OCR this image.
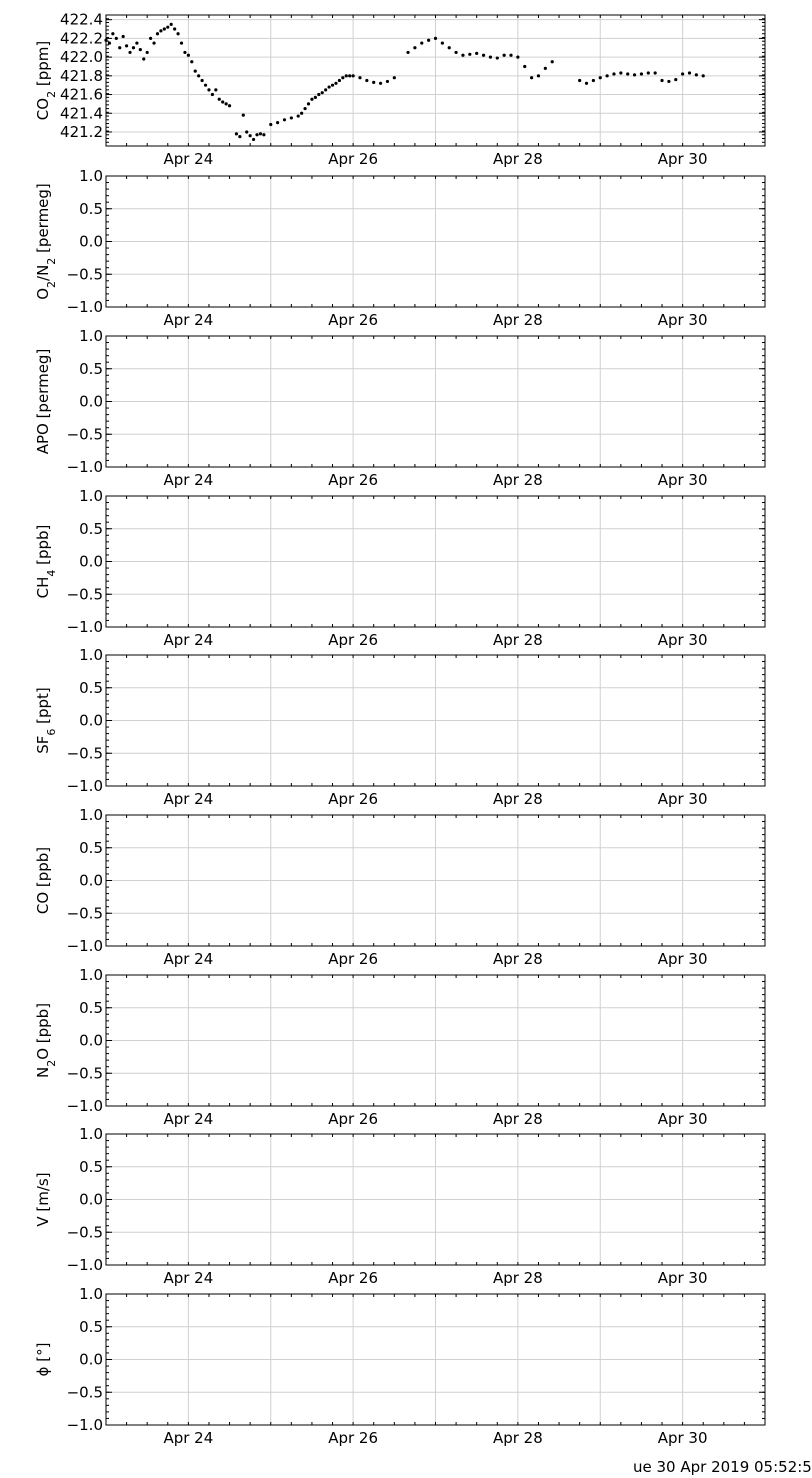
421.2
421.4
421.6
421.8
422.0
422.2
422.4
Apr 24	Apr 26	Apr 28	Apr 30
$CO_2$ [ppm]
−1.0
−0.5
0.0
0.5
1.0
Apr 24	Apr 26	Apr 28	Apr 30
$O_2/N_2$ [permeg]
−1.0
−0.5
0.0
0.5
1.0
Apr 24	Apr 26	Apr 28	Apr 30
APO [permeg]
−1.0
−0.5
0.0
0.5
1.0
Apr 24	Apr 26	Apr 28	Apr 30
$CH_4$ [ppb]
−1.0
−0.5
0.0
0.5
1.0
Apr 24	Apr 26	Apr 28	Apr 30
$SF_6$ [ppt]
−1.0
−0.5
0.0
0.5
1.0
Apr 24	Apr 26	Apr 28	Apr 30
CO [ppb]
−1.0
−0.5
0.0
0.5
1.0
Apr 24	Apr 26	Apr 28	Apr 30
$N_2O$ [ppb]
−1.0
−0.5
0.0
0.5
1.0
Apr 24	Apr 26	Apr 28	Apr 30
V [m/s]
−1.0
−0.5
0.0
0.5
1.0
Apr 24	Apr 26	Apr 28	Apr 30
ϕ [°]
ue 30 Apr 2019 05:52:5
